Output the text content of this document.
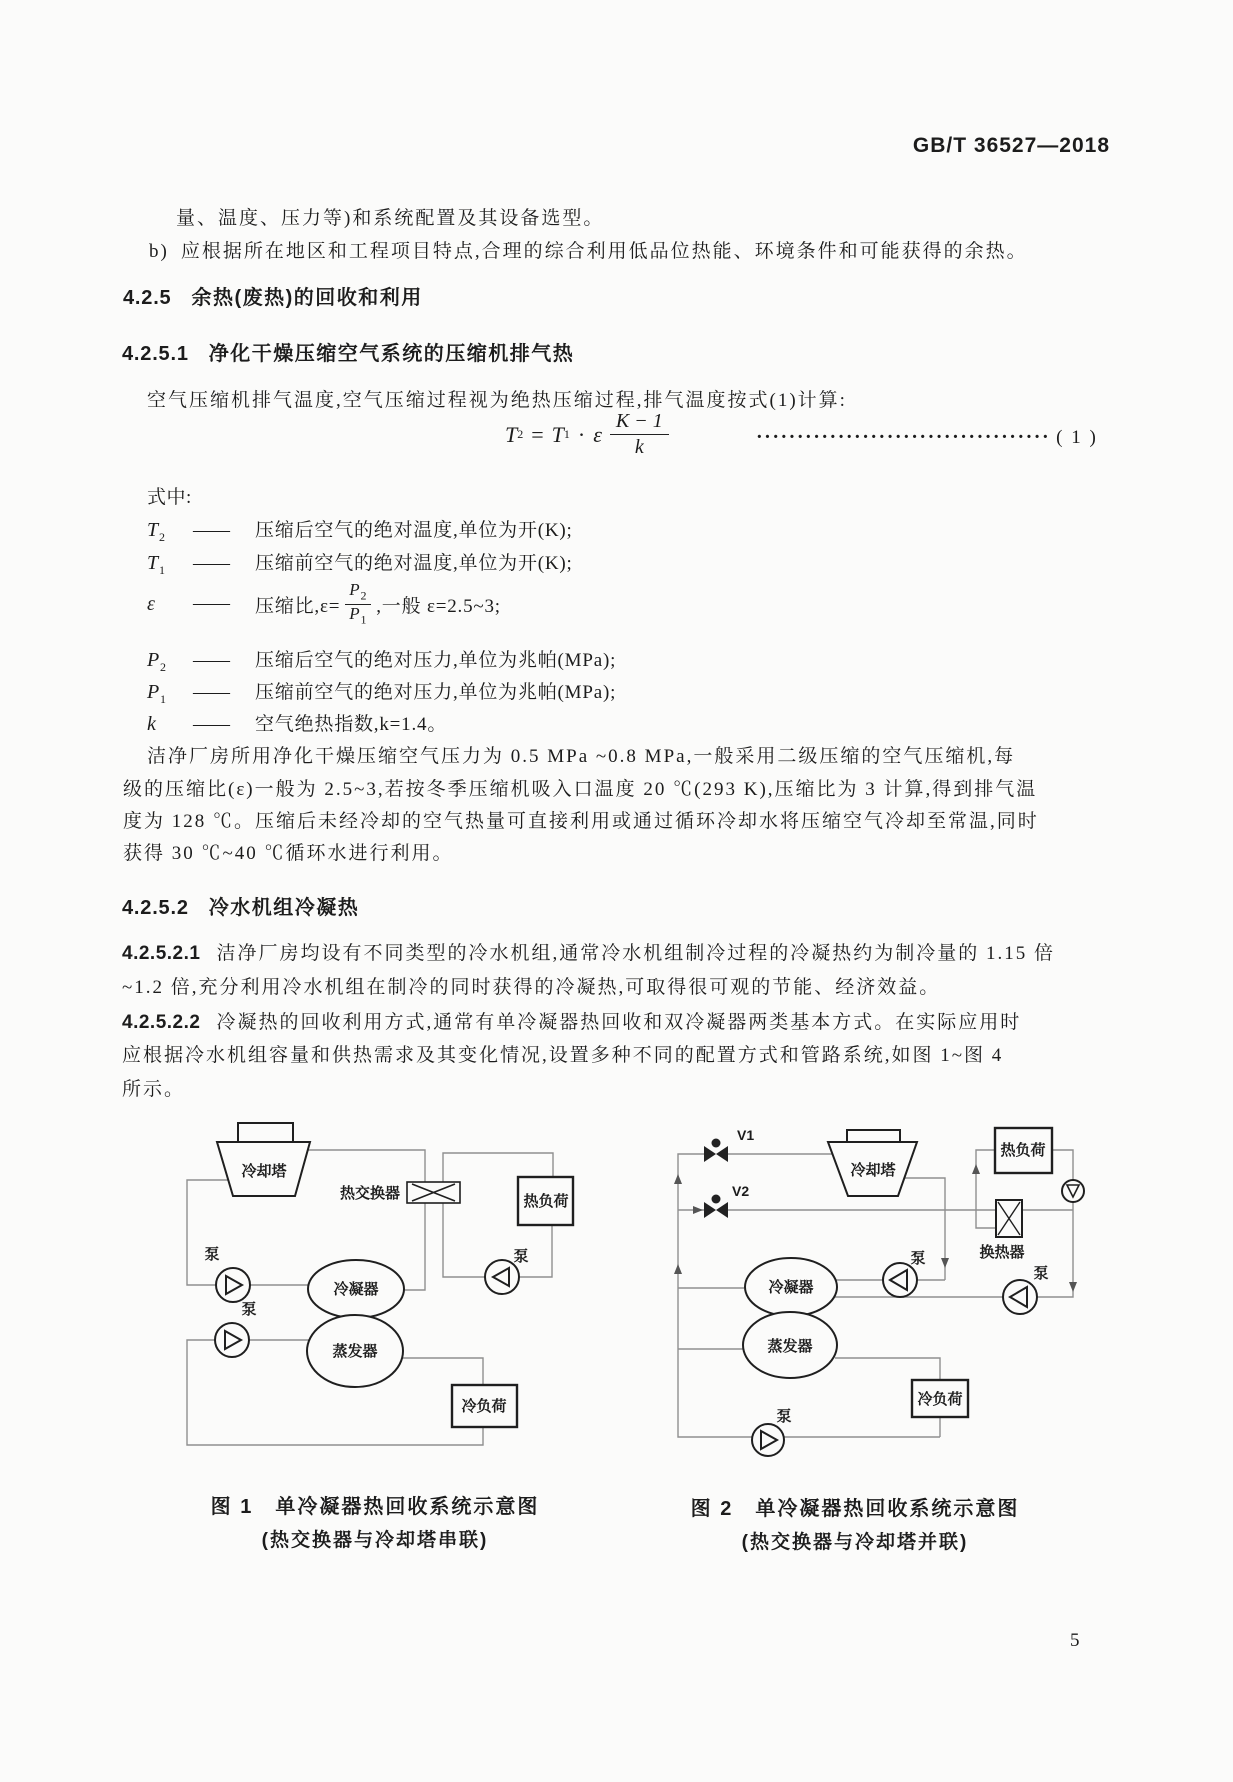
GB/T 36527—2018
量、温度、压力等)和系统配置及其设备选型。
b) 应根据所在地区和工程项目特点,合理的综合利用低品位热能、环境条件和可能获得的余热。
4.2.5 余热(废热)的回收和利用
4.2.5.1 净化干燥压缩空气系统的压缩机排气热
空气压缩机排气温度,空气压缩过程视为绝热压缩过程,排气温度按式(1)计算:
T 2 = T 1 · ε $\frac{K - 1}{k}$	···································· ( 1 )
式中:
$T_2$	——	压缩后空气的绝对温度,单位为开(K);
$T_1$	——	压缩前空气的绝对温度,单位为开(K);
ε	——	压缩比$,\varepsilon= \frac{P_2}{P_1}$ ,一般 ε=2.5~3;
$P_2$	——	压缩后空气的绝对压力,单位为兆帕(MPa);
$P_1$	——	压缩前空气的绝对压力,单位为兆帕(MPa);
k	——	空气绝热指数,k=1.4。
洁净厂房所用净化干燥压缩空气压力为 0.5 MPa ~0.8 MPa,一般采用二级压缩的空气压缩机,每
级的压缩比(ε)一般为 2.5~3,若按冬季压缩机吸入口温度 20 ℃(293 K),压缩比为 3 计算,得到排气温
度为 128 ℃。压缩后未经冷却的空气热量可直接利用或通过循环冷却水将压缩空气冷却至常温,同时
获得 30 ℃~40 ℃循环水进行利用。
4.2.5.2 冷水机组冷凝热
4.2.5.2.1 洁净厂房均设有不同类型的冷水机组,通常冷水机组制冷过程的冷凝热约为制冷量的 1.15 倍
~1.2 倍,充分利用冷水机组在制冷的同时获得的冷凝热,可取得很可观的节能、经济效益。
4.2.5.2.2 冷凝热的回收利用方式,通常有单冷凝器热回收和双冷凝器两类基本方式。在实际应用时
应根据冷水机组容量和供热需求及其变化情况,设置多种不同的配置方式和管路系统,如图 1~图 4
所示。
冷却塔
热交换器	热负荷
冷凝器
蒸发器
冷负荷
泵
泵
泵
V1
V2
冷却塔
热负荷
换热器
冷凝器
蒸发器
冷负荷
泵
泵
泵
图 1　单冷凝器热回收系统示意图
(热交换器与冷却塔串联)
图 2　单冷凝器热回收系统示意图
(热交换器与冷却塔并联)
5
